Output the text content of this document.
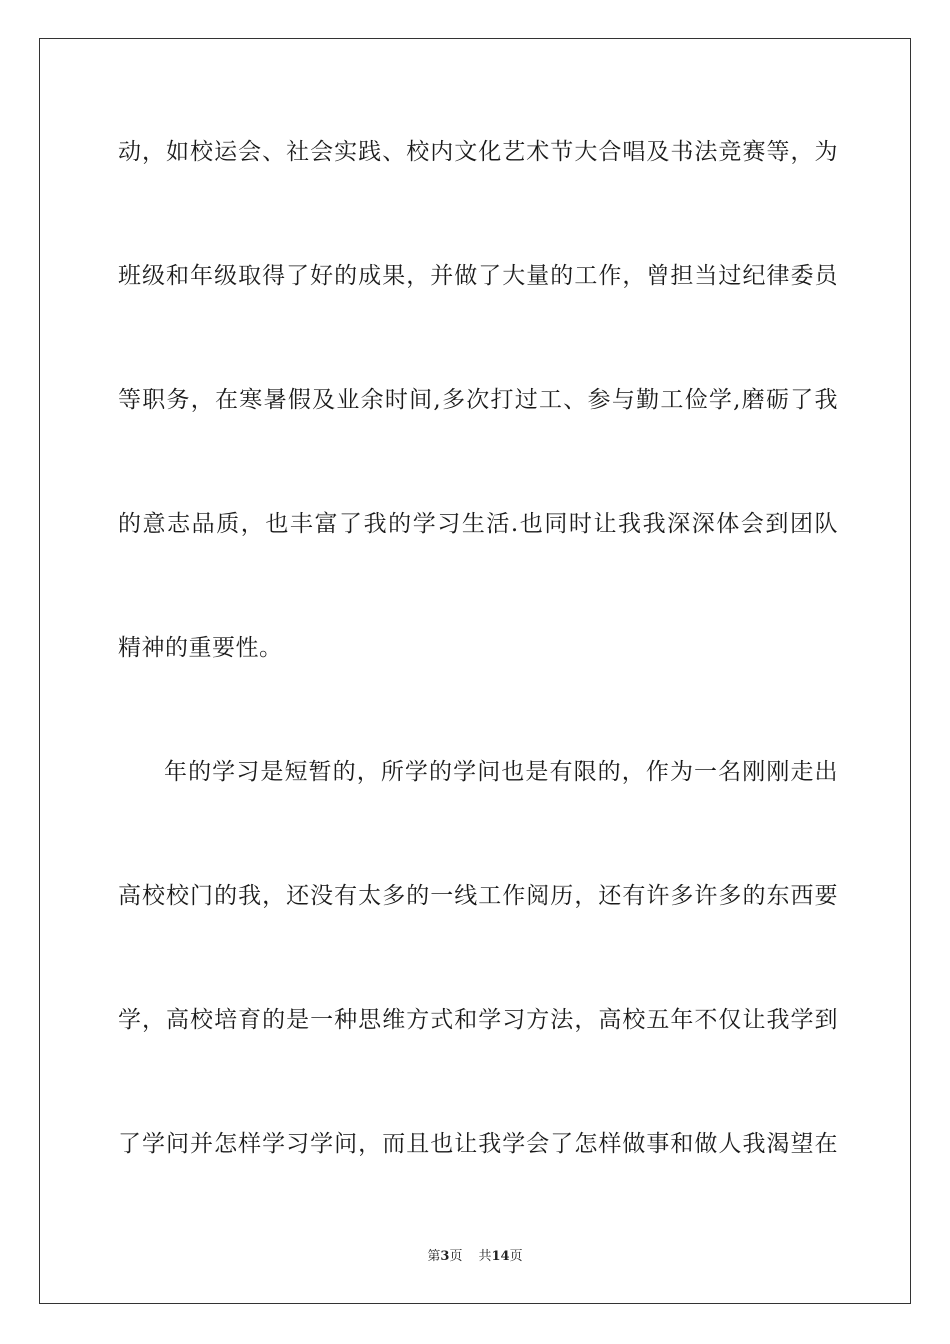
动，如校运会、社会实践、校内文化艺术节大合唱及书法竞赛等，为
班级和年级取得了好的成果，并做了大量的工作，曾担当过纪律委员
等职务，在寒暑假及业余时间,多次打过工、参与勤工俭学,磨砺了我
的意志品质，也丰富了我的学习生活.也同时让我我深深体会到团队
精神的重要性。
年的学习是短暂的，所学的学问也是有限的，作为一名刚刚走出
高校校门的我，还没有太多的一线工作阅历，还有许多许多的东西要
学，高校培育的是一种思维方式和学习方法，高校五年不仅让我学到
了学问并怎样学习学问，而且也让我学会了怎样做事和做人我渴望在
第3页 共14页
